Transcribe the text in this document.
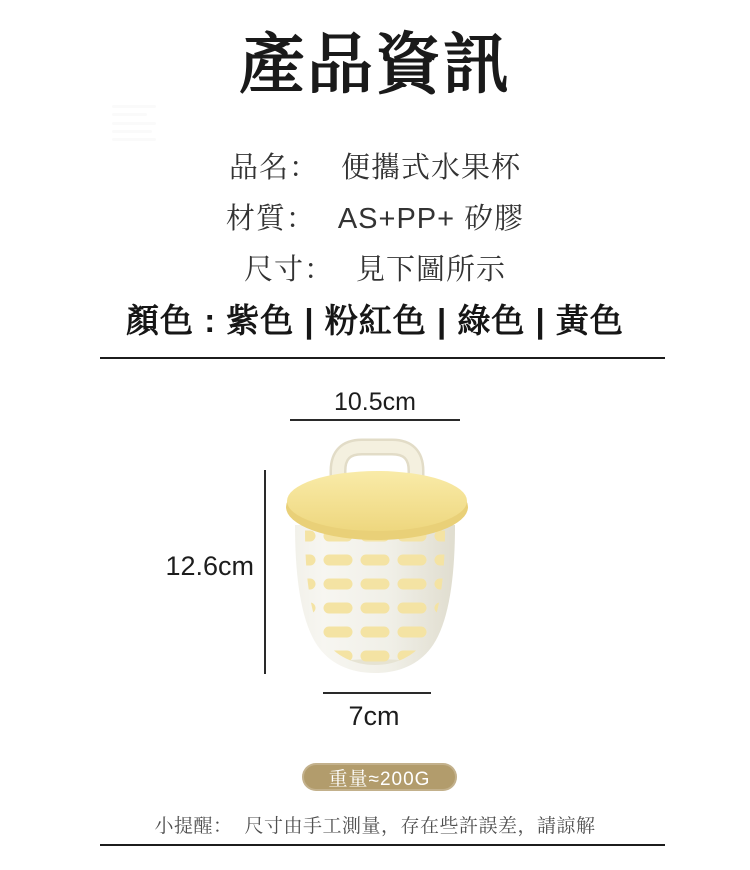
產品資訊
品名： 便攜式水果杯
材質： AS+PP+ 矽膠
尺寸： 見下圖所示
顏色 : 紫色 | 粉紅色 | 綠色 | 黃色
10.5cm
12.6cm
7cm
重量≈200G
小提醒： 尺寸由手工測量，存在些許誤差，請諒解
